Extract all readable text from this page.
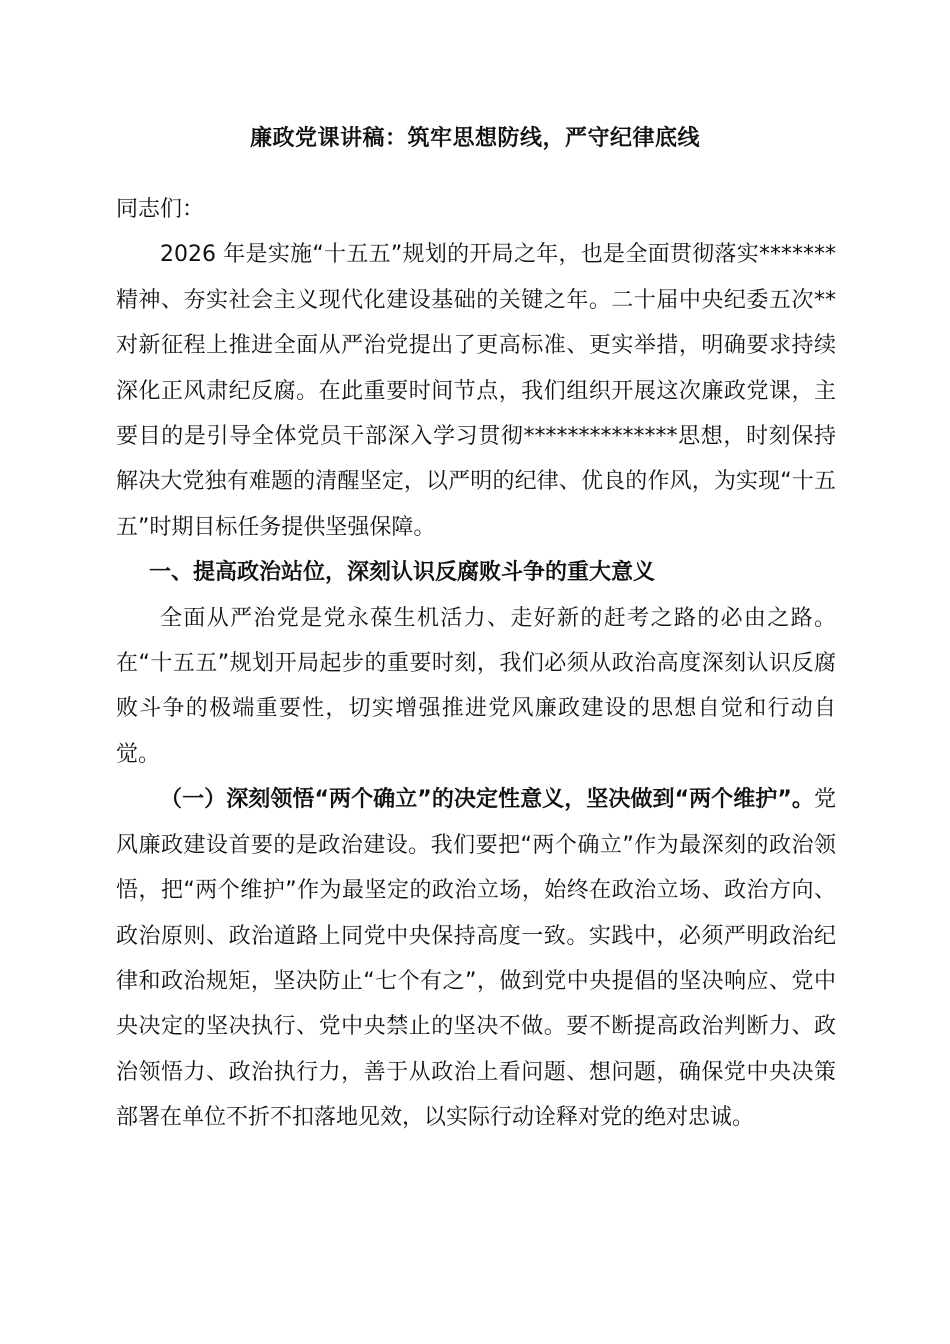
廉政党课讲稿：筑牢思想防线，严守纪律底线

同志们：

2026 年是实施“十五五”规划的开局之年，也是全面贯彻落实*******精神、夯实社会主义现代化建设基础的关键之年。二十届中央纪委五次**对新征程上推进全面从严治党提出了更高标准、更实举措，明确要求持续深化正风肃纪反腐。在此重要时间节点，我们组织开展这次廉政党课，主要目的是引导全体党员干部深入学习贯彻**************思想，时刻保持解决大党独有难题的清醒坚定，以严明的纪律、优良的作风，为实现“十五五”时期目标任务提供坚强保障。

一、提高政治站位，深刻认识反腐败斗争的重大意义

全面从严治党是党永葆生机活力、走好新的赶考之路的必由之路。在“十五五”规划开局起步的重要时刻，我们必须从政治高度深刻认识反腐败斗争的极端重要性，切实增强推进党风廉政建设的思想自觉和行动自觉。

（一）深刻领悟“两个确立”的决定性意义，坚决做到“两个维护”。党风廉政建设首要的是政治建设。我们要把“两个确立”作为最深刻的政治领悟，把“两个维护”作为最坚定的政治立场，始终在政治立场、政治方向、政治原则、政治道路上同党中央保持高度一致。实践中，必须严明政治纪律和政治规矩，坚决防止“七个有之”，做到党中央提倡的坚决响应、党中央决定的坚决执行、党中央禁止的坚决不做。要不断提高政治判断力、政治领悟力、政治执行力，善于从政治上看问题、想问题，确保党中央决策部署在单位不折不扣落地见效，以实际行动诠释对党的绝对忠诚。
